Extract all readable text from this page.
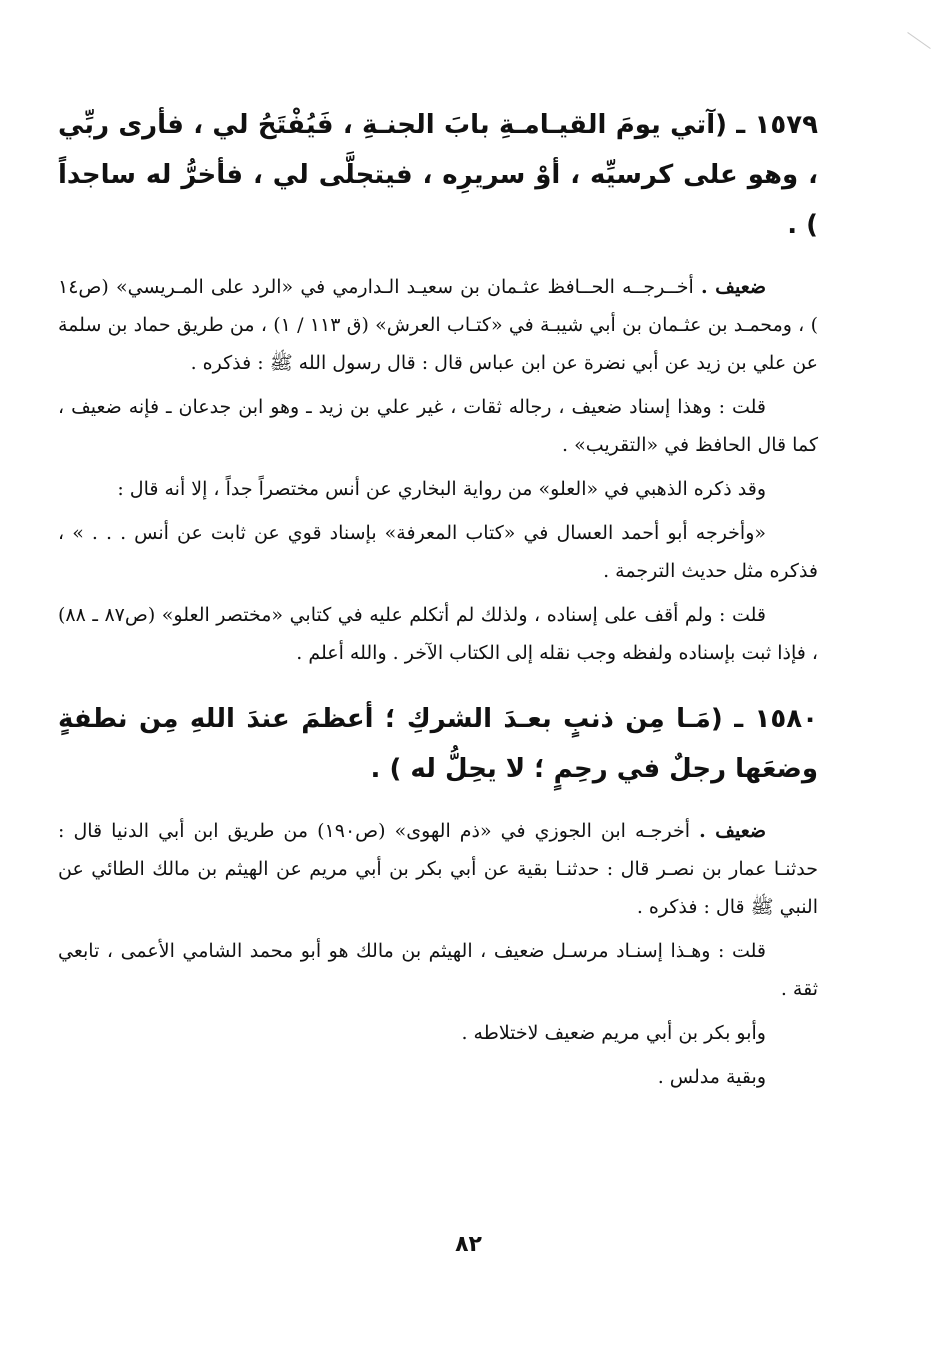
١٥٧٩ ـ (آتي يومَ القيـامـةِ بابَ الجنـةِ ، فَيُفْتَحُ لي ، فأرى ربِّي ، وهو على كرسيِّه ، أوْ سريرِه ، فيتجلَّى لي ، فأخرُّ له ساجداً ) .

ضعيف . أخــرجــه الحــافظ عثـمان بن سعيـد الـدارمي في «الرد على المـريسي» (ص١٤ ) ، ومحمـد بن عثـمان بن أبي شيبـة في «كتـاب العرش» (ق ١١٣ / ١) ، من طريق حماد بن سلمة عن علي بن زيد عن أبي نضرة عن ابن عباس قال : قال رسول الله ﷺ : فذكره .

قلت : وهذا إسناد ضعيف ، رجاله ثقات ، غير علي بن زيد ـ وهو ابن جدعان ـ فإنه ضعيف ، كما قال الحافظ في «التقريب» .

وقد ذكره الذهبي في «العلو» من رواية البخاري عن أنس مختصراً جداً ، إلا أنه قال :

«وأخرجه أبو أحمد العسال في «كتاب المعرفة» بإسناد قوي عن ثابت عن أنس . . . » ، فذكره مثل حديث الترجمة .

قلت : ولم أقف على إسناده ، ولذلك لم أتكلم عليه في كتابي «مختصر العلو» (ص٨٧ ـ ٨٨) ، فإذا ثبت بإسناده ولفظه وجب نقله إلى الكتاب الآخر . والله أعلم .

١٥٨٠ ـ (مَـا مِن ذنبٍ بعـدَ الشركِ ؛ أعظمَ عندَ اللهِ مِن نطفةٍ وضعَها رجلٌ في رحِمٍ ؛ لا يحِلُّ له ) .

ضعيف . أخرجـه ابن الجوزي في «ذم الهوى» (ص١٩٠) من طريق ابن أبي الدنيا قال : حدثنـا عمار بن نصـر قال : حدثنـا بقية عن أبي بكر بن أبي مريم عن الهيثم بن مالك الطائي عن النبي ﷺ قال : فذكره .

قلت : وهـذا إسنـاد مرسـل ضعيف ، الهيثم بن مالك هو أبو محمد الشامي الأعمى ، تابعي ثقة .

وأبو بكر بن أبي مريم ضعيف لاختلاطه .

وبقية مدلس .

٨٢
